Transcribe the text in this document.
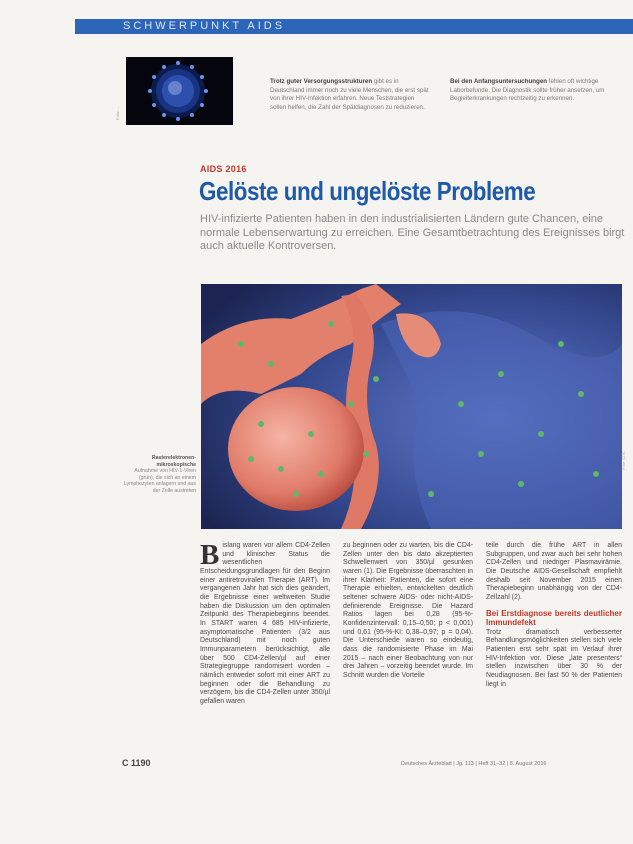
SCHWERPUNKT AIDS
Foto: ...
Trotz guter Versorgungsstrukturen gibt es in Deutschland immer noch zu viele Menschen, die erst spät von ihrer HIV-Infektion erfahren. Neue Teststrategien sollen helfen, die Zahl der Spätdiagnosen zu reduzieren.
Bei den Anfangsuntersuchungen fehlen oft wichtige Laborbefunde. Die Diagnostik sollte früher ansetzen, um Begleiterkrankungen rechtzeitig zu erkennen.
AIDS 2016
Gelöste und ungelöste Probleme
HIV-infizierte Patienten haben in den industrialisierten Ländern gute Chancen, eine normale Lebenserwartung zu erreichen. Eine Gesamtbetrachtung des Ereignisses birgt auch aktuelle Kontroversen.
Foto: CDC
Rasterelektronen-mikroskopische
Aufnahme von HIV-1-Viren (grün), die sich an einem Lymphozyten anlagern und aus der Zelle austreten

Bislang waren vor allem CD4-Zellen und klinischer Status die wesentlichen Entscheidungsgrundlagen für den Beginn einer antiretroviralen Therapie (ART). Im vergangenen Jahr hat sich dies geändert, die Ergebnisse einer weltweiten Studie haben die Diskussion um den optimalen Zeitpunkt des Therapiebeginns beendet. In START waren 4 685 HIV-infizierte, asymptomatische Patienten (3/2 aus Deutschland) mit noch guten Immunparametern berücksichtigt, alle über 500 CD4-Zellen/µl auf einer Strategiegruppe randomisiert worden – nämlich entweder sofort mit einer ART zu beginnen oder die Behandlung zu verzögern, bis die CD4-Zellen unter 350/µl gefallen waren

zu beginnen oder zu warten, bis die CD4-Zellen unter den bis dato akzeptierten Schwellenwert von 350/µl gesunken waren (1). Die Ergebnisse überraschten in ihrer Klarheit: Patienten, die sofort eine Therapie erhielten, entwickelten deutlich seltener schwere AIDS- oder nicht-AIDS-definierende Ereignisse. Die Hazard Ratios lagen bei 0,28 (95-%-Konfidenzintervall: 0,15–0,50; p < 0,001) und 0,61 (95-%-KI: 0,38–0,97; p = 0,04). Die Unterschiede waren so eindeutig, dass die randomisierte Phase im Mai 2015 – nach einer Beobachtung von nur drei Jahren – vorzeitig beendet wurde. Im Schnitt wurden die Vorteile

teile durch die frühe ART in allen Subgruppen, und zwar auch bei sehr hohen CD4-Zellen und niedriger Plasmavirämie. Die Deutsche AIDS-Gesellschaft empfiehlt deshalb seit November 2015 einen Therapiebeginn unabhängig von der CD4-Zellzahl (2).

Bei Erstdiagnose bereits deutlicher Immundefekt

Trotz dramatisch verbesserter Behandlungsmöglichkeiten stellen sich viele Patienten erst sehr spät im Verlauf ihrer HIV-Infektion vor. Diese „late presenters“ stellen inzwischen über 30 % der Neudiagnosen. Bei fast 50 % der Patienten liegt in

C 1190	Deutsches Ärzteblatt | Jg. 113 | Heft 31–32 | 8. August 2016
